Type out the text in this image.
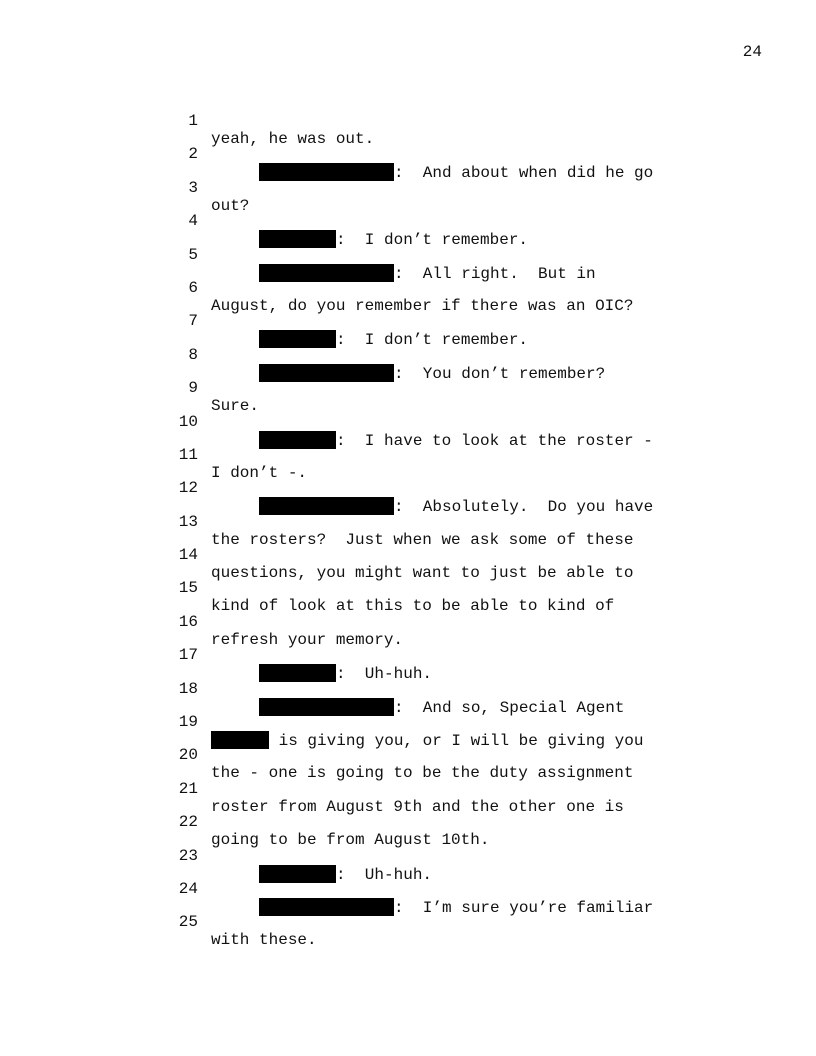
24

1

yeah, he was out.

2

:  And about when did he go

3

out?

4

:  I don’t remember.

5

:  All right.  But in

6

August, do you remember if there was an OIC?

7

:  I don’t remember.

8

:  You don’t remember?

9

Sure.

10

:  I have to look at the roster -

11

I don’t -.

12

:  Absolutely.  Do you have

13

the rosters?  Just when we ask some of these

14

questions, you might want to just be able to

15

kind of look at this to be able to kind of

16

refresh your memory.

17

:  Uh-huh.

18

:  And so, Special Agent

19

is giving you, or I will be giving you

20

the - one is going to be the duty assignment

21

roster from August 9th and the other one is

22

going to be from August 10th.

23

:  Uh-huh.

24

:  I’m sure you’re familiar

25

with these.
